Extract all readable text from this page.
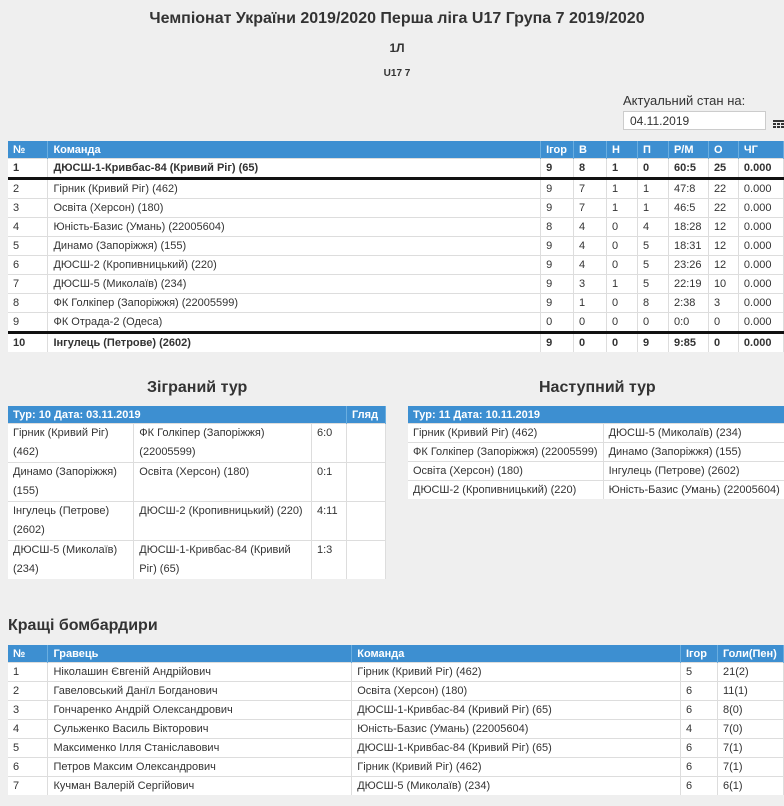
Чемпіонат України 2019/2020 Перша ліга U17 Група 7 2019/2020
1Л
U17 7
Актуальний стан на:
04.11.2019
№	Команда	Ігор	В	Н	П	Р/М	О	ЧГ
1	ДЮСШ-1-Кривбас-84 (Кривий Ріг) (65)	9	8	1	0	60:5	25	0.000
2	Гірник (Кривий Ріг) (462)	9	7	1	1	47:8	22	0.000
3	Освіта (Херсон) (180)	9	7	1	1	46:5	22	0.000
4	Юність-Базис (Умань) (22005604)	8	4	0	4	18:28	12	0.000
5	Динамо (Запоріжжя) (155)	9	4	0	5	18:31	12	0.000
6	ДЮСШ-2 (Кропивницький) (220)	9	4	0	5	23:26	12	0.000
7	ДЮСШ-5 (Миколаїв) (234)	9	3	1	5	22:19	10	0.000
8	ФК Голкіпер (Запоріжжя) (22005599)	9	1	0	8	2:38	3	0.000
9	ФК Отрада-2 (Одеса)	0	0	0	0	0:0	0	0.000
10	Інгулець (Петрове) (2602)	9	0	0	9	9:85	0	0.000
Зіграний тур	Наступний тур
Тур: 10 Дата: 03.11.2019			Гляд
Гірник (Кривий Ріг) (462)	ФК Голкіпер (Запоріжжя) (22005599)	6:0	
Динамо (Запоріжжя) (155)	Освіта (Херсон) (180)	0:1	
Інгулець (Петрове) (2602)	ДЮСШ-2 (Кропивницький) (220)	4:11	
ДЮСШ-5 (Миколаїв) (234)	ДЮСШ-1-Кривбас-84 (Кривий Ріг) (65)	1:3	
Тур: 11 Дата: 10.11.2019	
Гірник (Кривий Ріг) (462)	ДЮСШ-5 (Миколаїв) (234)
ФК Голкіпер (Запоріжжя) (22005599)	Динамо (Запоріжжя) (155)
Освіта (Херсон) (180)	Інгулець (Петрове) (2602)
ДЮСШ-2 (Кропивницький) (220)	Юність-Базис (Умань) (22005604)
Кращі бомбардири
№	Гравець	Команда	Ігор	Голи(Пен)
1	Ніколашин Євгеній Андрійович	Гірник (Кривий Ріг) (462)	5	21(2)
2	Гавеловський Данїл Богданович	Освіта (Херсон) (180)	6	11(1)
3	Гончаренко Андрій Олександрович	ДЮСШ-1-Кривбас-84 (Кривий Ріг) (65)	6	8(0)
4	Сульженко Василь Вікторович	Юність-Базис (Умань) (22005604)	4	7(0)
5	Максименко Ілля Станіславович	ДЮСШ-1-Кривбас-84 (Кривий Ріг) (65)	6	7(1)
6	Петров Максим Олександрович	Гірник (Кривий Ріг) (462)	6	7(1)
7	Кучман Валерій Сергійович	ДЮСШ-5 (Миколаїв) (234)	6	6(1)
